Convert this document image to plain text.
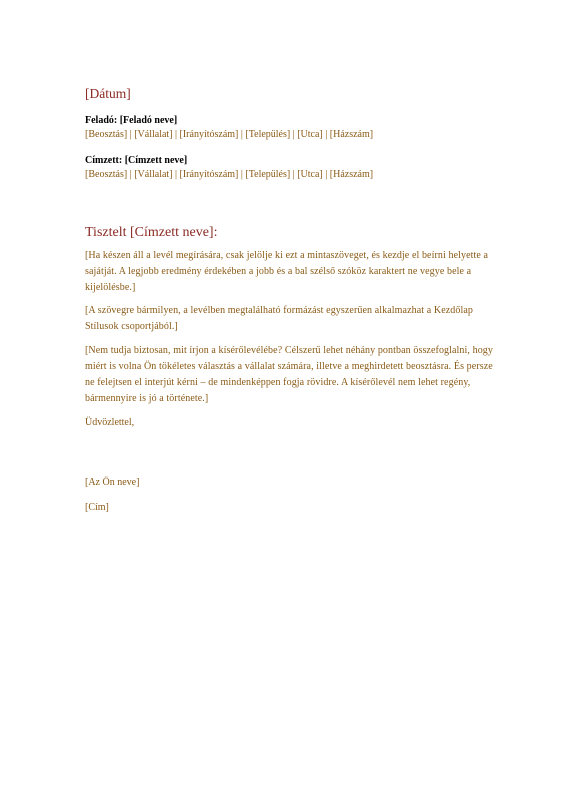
[Dátum]
Feladó: [Feladó neve]
[Beosztás] | [Vállalat] | [Irányítószám] | [Település] | [Utca] | [Házszám]
Címzett: [Címzett neve]
[Beosztás] | [Vállalat] | [Irányítószám] | [Település] | [Utca] | [Házszám]
Tisztelt [Címzett neve]:

[Ha készen áll a levél megírására, csak jelölje ki ezt a mintaszöveget, és kezdje el beírni helyette a sajátját. A legjobb eredmény érdekében a jobb és a bal szélső szóköz karaktert ne vegye bele a kijelölésbe.]

[A szövegre bármilyen, a levélben megtalálható formázást egyszerűen alkalmazhat a Kezdőlap Stílusok csoportjából.]

[Nem tudja biztosan, mit írjon a kísérőlevélébe? Célszerű lehet néhány pontban összefoglalni, hogy miért is volna Ön tökéletes választás a vállalat számára, illetve a meghirdetett beosztásra. És persze ne felejtsen el interjút kérni – de mindenképpen fogja rövidre. A kísérőlevél nem lehet regény, bármennyire is jó a története.]

Üdvözlettel,
[Az Ön neve]
[Cím]
